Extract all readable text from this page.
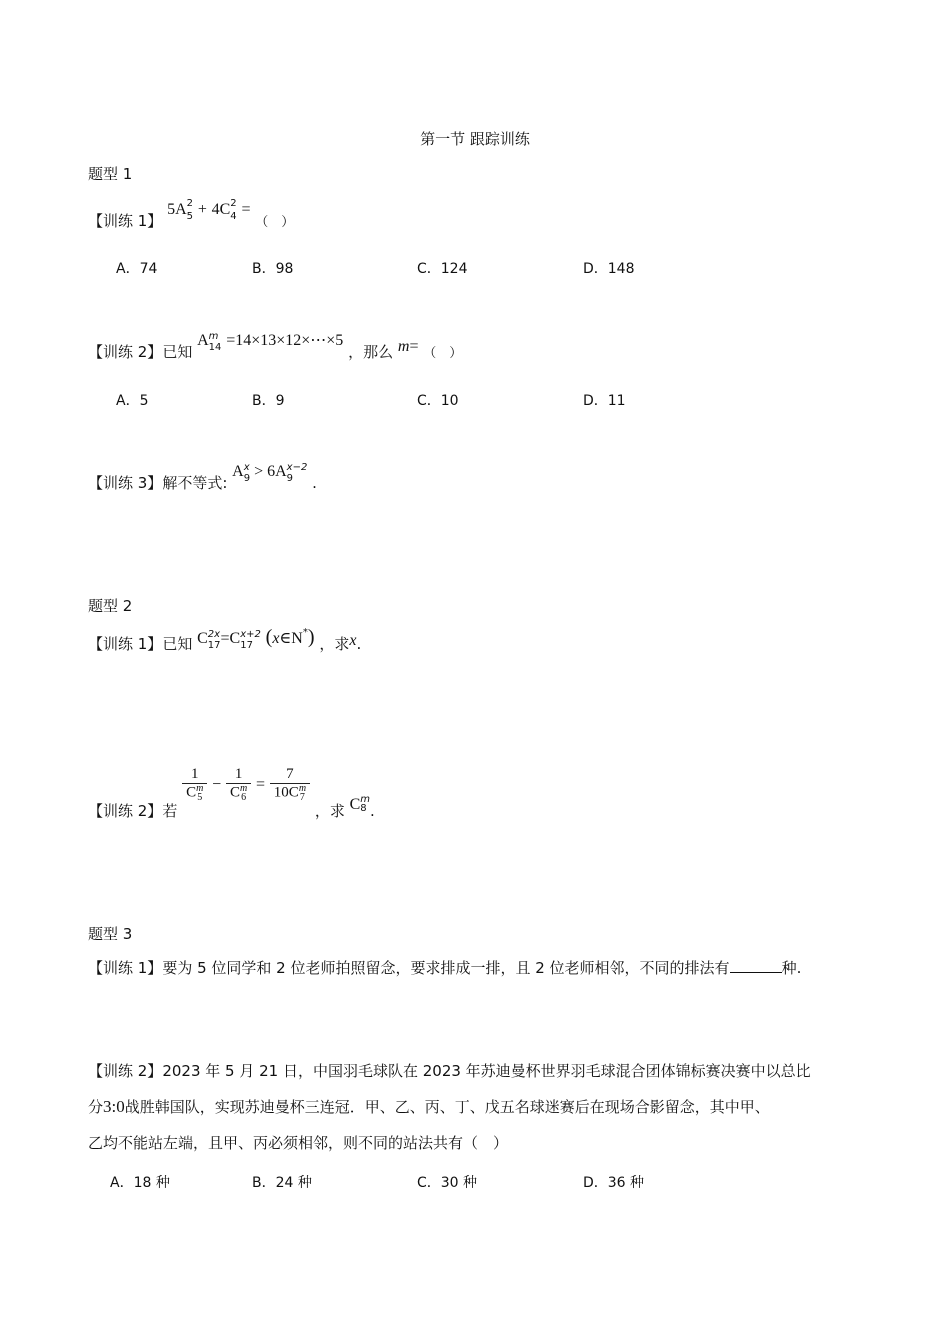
第一节 跟踪训练
题型 1
【训练 1】 5A 2
5 + 4C 2
4 = （　）
A．74	B．98	C．124	D．148
【训练 2】已知 A m
14 =14×13×12×⋯×5 ，那么 m= （　）
A．5	B．9	C．10	D．11
【训练 3】解不等式: A x
9 > 6A x−2
9	.
题型 2
【训练 1】已知 C 2x
17 =C x+2
17 (x∈N*) ，求x.
【训练 2】若
1
C m
5 − 1
C m
6 = 7
10C m
7
，求 C m
8 .
题型 3
【训练 1】要为 5 位同学和 2 位老师拍照留念，要求排成一排，且 2 位老师相邻，不同的排法有	种.
【训练 2】2023 年 5 月 21 日，中国羽毛球队在 2023 年苏迪曼杯世界羽毛球混合团体锦标赛决赛中以总比
分3:0战胜韩国队，实现苏迪曼杯三连冠．甲、乙、丙、丁、戊五名球迷赛后在现场合影留念，其中甲、
乙均不能站左端，且甲、丙必须相邻，则不同的站法共有（　）
A．18 种	B．24 种	C．30 种	D．36 种
